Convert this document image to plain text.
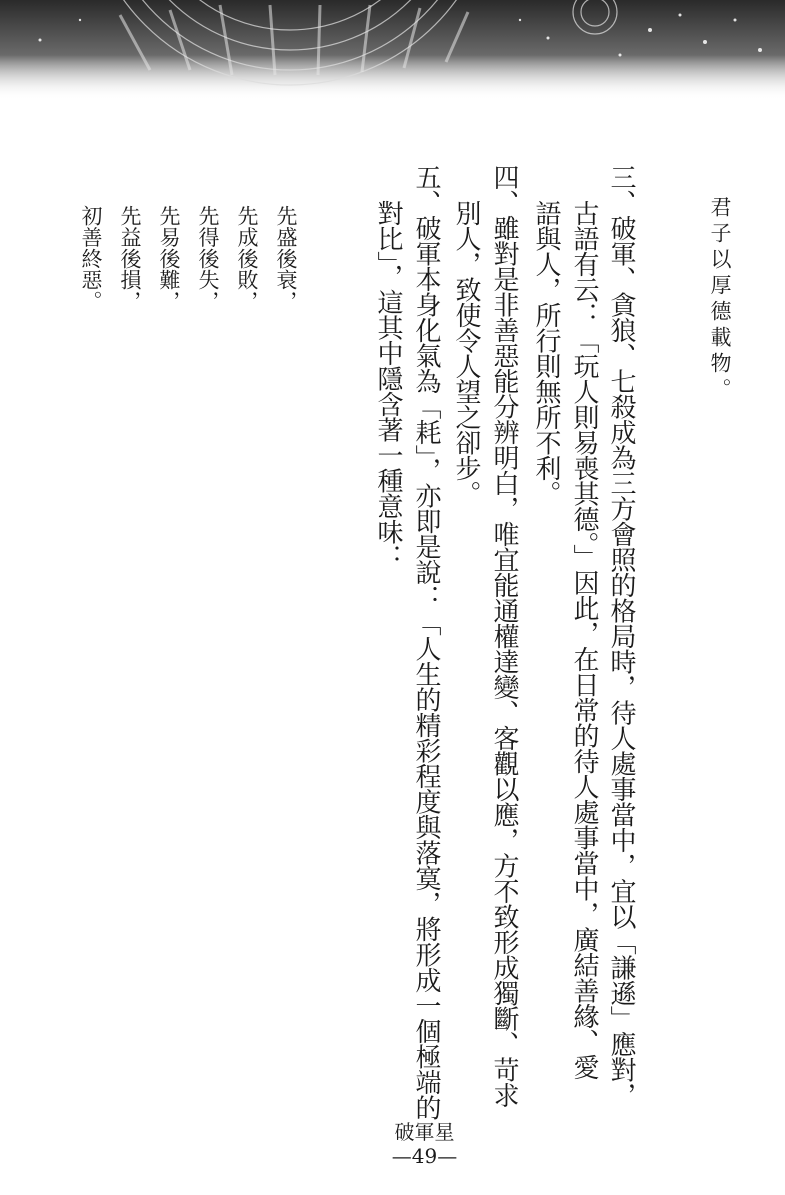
君子以厚德載物。
三、破軍、貪狼、七殺成為三方會照的格局時，待人處事當中，宜以「謙遜」應對，
古語有云：「玩人則易喪其德。」因此，在日常的待人處事當中，廣結善緣、愛
語與人，所行則無所不利。
四、雖對是非善惡能分辨明白，唯宜能通權達變、客觀以應，方不致形成獨斷、苛求
別人，致使令人望之卻步。
五、破軍本身化氣為「耗」，亦即是說：「人生的精彩程度與落寞，將形成一個極端的
對比」，這其中隱含著一種意味：
先盛後衰，
先成後敗，
先得後失，
先易後難，
先益後損，
初善終惡。
破軍星
—49—
